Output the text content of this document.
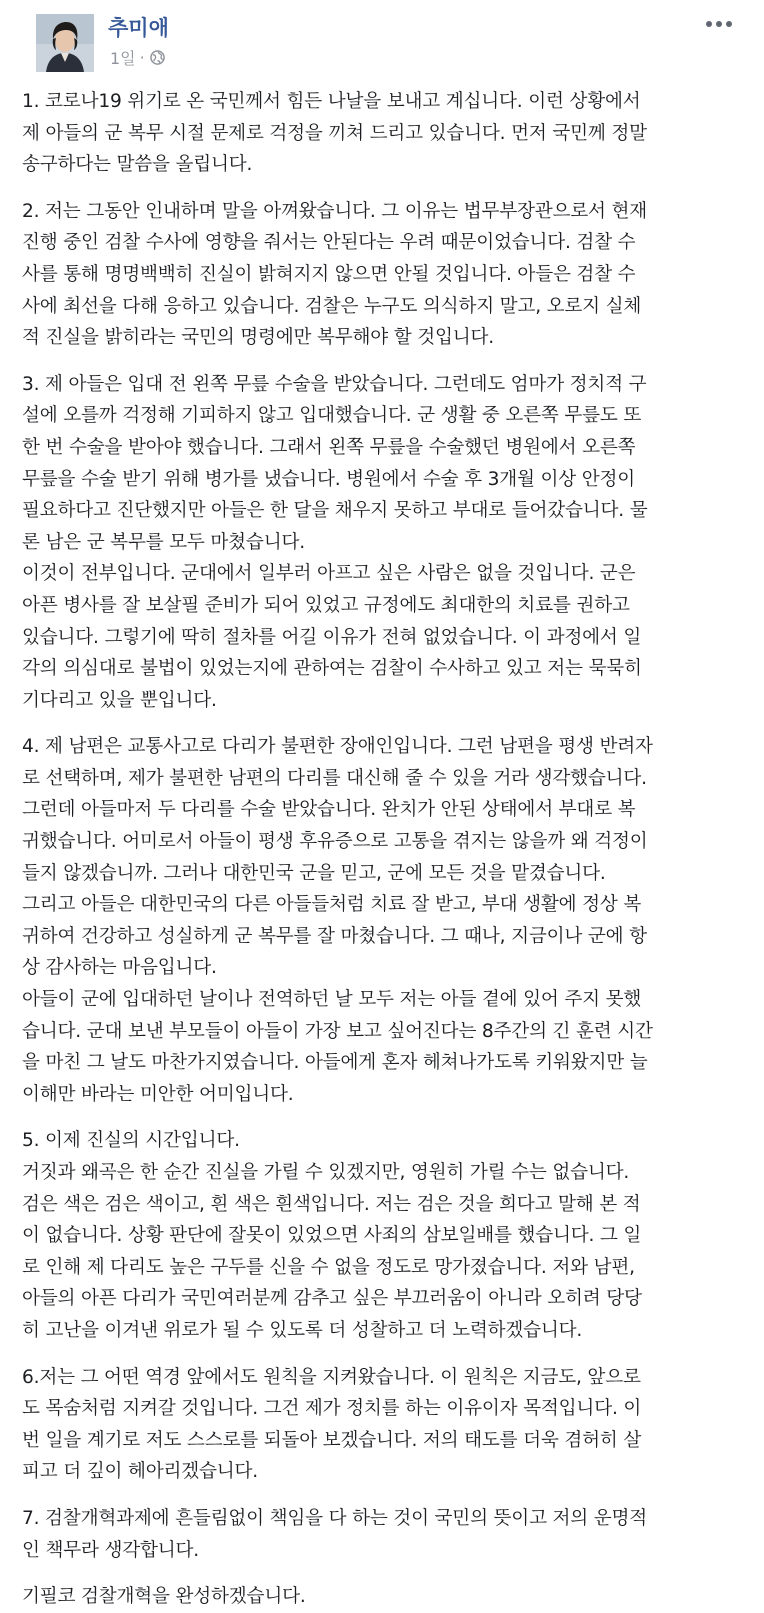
추미애
1일 ·
1. 코로나19 위기로 온 국민께서 힘든 나날을 보내고 계십니다. 이런 상황에서
제 아들의 군 복무 시절 문제로 걱정을 끼쳐 드리고 있습니다. 먼저 국민께 정말
송구하다는 말씀을 올립니다.
2. 저는 그동안 인내하며 말을 아껴왔습니다. 그 이유는 법무부장관으로서 현재
진행 중인 검찰 수사에 영향을 줘서는 안된다는 우려 때문이었습니다. 검찰 수
사를 통해 명명백백히 진실이 밝혀지지 않으면 안될 것입니다. 아들은 검찰 수
사에 최선을 다해 응하고 있습니다. 검찰은 누구도 의식하지 말고, 오로지 실체
적 진실을 밝히라는 국민의 명령에만 복무해야 할 것입니다.
3. 제 아들은 입대 전 왼쪽 무릎 수술을 받았습니다. 그런데도 엄마가 정치적 구
설에 오를까 걱정해 기피하지 않고 입대했습니다. 군 생활 중 오른쪽 무릎도 또
한 번 수술을 받아야 했습니다. 그래서 왼쪽 무릎을 수술했던 병원에서 오른쪽
무릎을 수술 받기 위해 병가를 냈습니다. 병원에서 수술 후 3개월 이상 안정이
필요하다고 진단했지만 아들은 한 달을 채우지 못하고 부대로 들어갔습니다. 물
론 남은 군 복무를 모두 마쳤습니다.
이것이 전부입니다. 군대에서 일부러 아프고 싶은 사람은 없을 것입니다. 군은
아픈 병사를 잘 보살필 준비가 되어 있었고 규정에도 최대한의 치료를 권하고
있습니다. 그렇기에 딱히 절차를 어길 이유가 전혀 없었습니다. 이 과정에서 일
각의 의심대로 불법이 있었는지에 관하여는 검찰이 수사하고 있고 저는 묵묵히
기다리고 있을 뿐입니다.
4. 제 남편은 교통사고로 다리가 불편한 장애인입니다. 그런 남편을 평생 반려자
로 선택하며, 제가 불편한 남편의 다리를 대신해 줄 수 있을 거라 생각했습니다.
그런데 아들마저 두 다리를 수술 받았습니다. 완치가 안된 상태에서 부대로 복
귀했습니다. 어미로서 아들이 평생 후유증으로 고통을 겪지는 않을까 왜 걱정이
들지 않겠습니까. 그러나 대한민국 군을 믿고, 군에 모든 것을 맡겼습니다.
그리고 아들은 대한민국의 다른 아들들처럼 치료 잘 받고, 부대 생활에 정상 복
귀하여 건강하고 성실하게 군 복무를 잘 마쳤습니다. 그 때나, 지금이나 군에 항
상 감사하는 마음입니다.
아들이 군에 입대하던 날이나 전역하던 날 모두 저는 아들 곁에 있어 주지 못했
습니다. 군대 보낸 부모들이 아들이 가장 보고 싶어진다는 8주간의 긴 훈련 시간
을 마친 그 날도 마찬가지였습니다. 아들에게 혼자 헤쳐나가도록 키워왔지만 늘
이해만 바라는 미안한 어미입니다.
5. 이제 진실의 시간입니다.
거짓과 왜곡은 한 순간 진실을 가릴 수 있겠지만, 영원히 가릴 수는 없습니다.
검은 색은 검은 색이고, 흰 색은 흰색입니다. 저는 검은 것을 희다고 말해 본 적
이 없습니다. 상황 판단에 잘못이 있었으면 사죄의 삼보일배를 했습니다. 그 일
로 인해 제 다리도 높은 구두를 신을 수 없을 정도로 망가졌습니다. 저와 남편,
아들의 아픈 다리가 국민여러분께 감추고 싶은 부끄러움이 아니라 오히려 당당
히 고난을 이겨낸 위로가 될 수 있도록 더 성찰하고 더 노력하겠습니다.
6.저는 그 어떤 역경 앞에서도 원칙을 지켜왔습니다. 이 원칙은 지금도, 앞으로
도 목숨처럼 지켜갈 것입니다. 그건 제가 정치를 하는 이유이자 목적입니다. 이
번 일을 계기로 저도 스스로를 되돌아 보겠습니다. 저의 태도를 더욱 겸허히 살
피고 더 깊이 헤아리겠습니다.
7. 검찰개혁과제에 흔들림없이 책임을 다 하는 것이 국민의 뜻이고 저의 운명적
인 책무라 생각합니다.
기필코 검찰개혁을 완성하겠습니다.
